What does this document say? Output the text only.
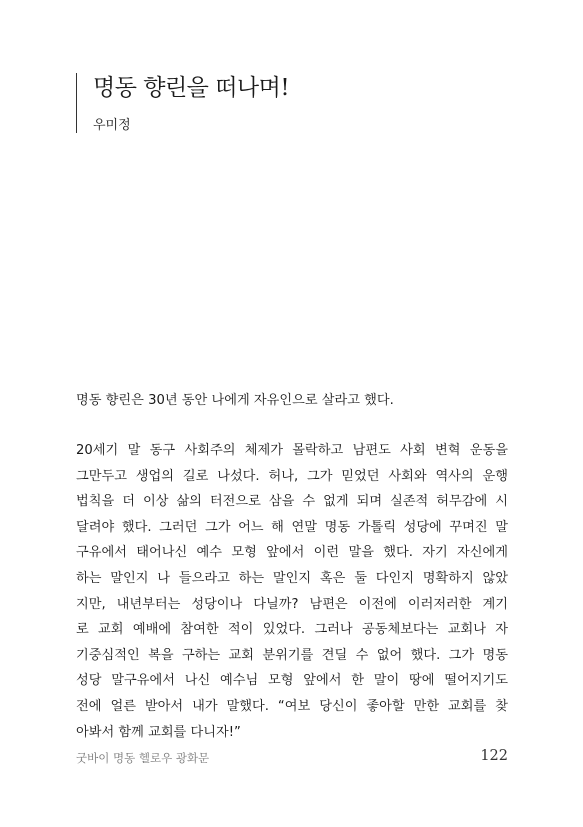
명동 향린을 떠나며!
우미정

명동 향린은 30년 동안 나에게 자유인으로 살라고 했다.

20세기 말 동구 사회주의 체제가 몰락하고 남편도 사회 변혁 운동을
그만두고 생업의 길로 나섰다. 허나, 그가 믿었던 사회와 역사의 운행
법칙을 더 이상 삶의 터전으로 삼을 수 없게 되며 실존적 허무감에 시
달려야 했다. 그러던 그가 어느 해 연말 명동 가톨릭 성당에 꾸며진 말
구유에서 태어나신 예수 모형 앞에서 이런 말을 했다. 자기 자신에게
하는 말인지 나 들으라고 하는 말인지 혹은 둘 다인지 명확하지 않았
지만, 내년부터는 성당이나 다닐까? 남편은 이전에 이러저러한 계기
로 교회 예배에 참여한 적이 있었다. 그러나 공동체보다는 교회나 자
기중심적인 복을 구하는 교회 분위기를 견딜 수 없어 했다. 그가 명동
성당 말구유에서 나신 예수님 모형 앞에서 한 말이 땅에 떨어지기도
전에 얼른 받아서 내가 말했다. “여보 당신이 좋아할 만한 교회를 찾
아봐서 함께 교회를 다니자!”
굿바이 명동 헬로우 광화문	122
